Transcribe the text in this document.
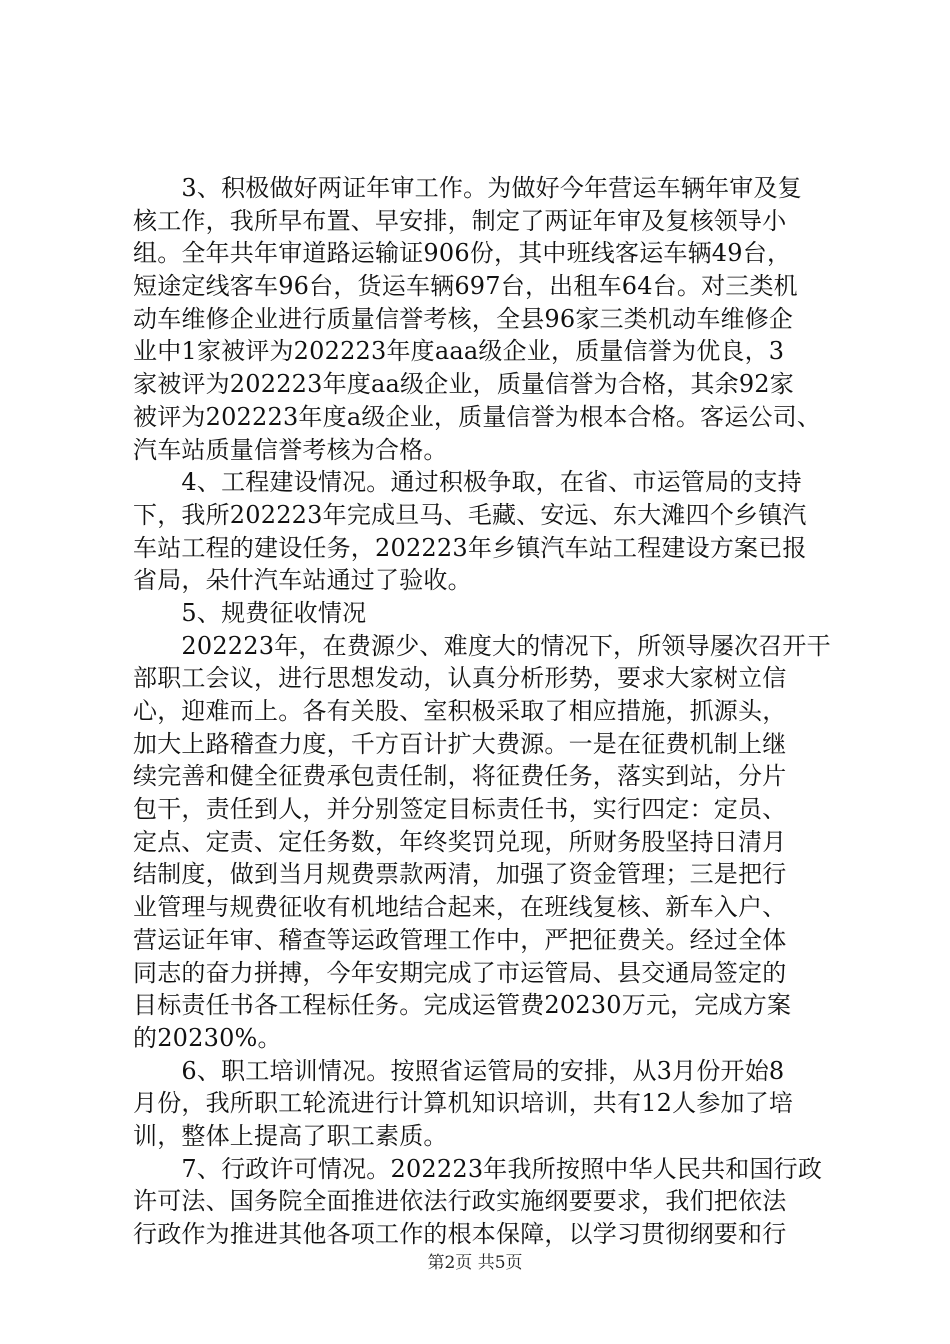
　　3、积极做好两证年审工作。为做好今年营运车辆年审及复
核工作，我所早布置、早安排，制定了两证年审及复核领导小
组。全年共年审道路运输证906份，其中班线客运车辆49台，
短途定线客车96台，货运车辆697台，出租车64台。对三类机
动车维修企业进行质量信誉考核，全县96家三类机动车维修企
业中1家被评为202223年度aaa级企业，质量信誉为优良，3
家被评为202223年度aa级企业，质量信誉为合格，其余92家
被评为202223年度a级企业，质量信誉为根本合格。客运公司、
汽车站质量信誉考核为合格。
　　4、工程建设情况。通过积极争取，在省、市运管局的支持
下，我所202223年完成旦马、毛藏、安远、东大滩四个乡镇汽
车站工程的建设任务，202223年乡镇汽车站工程建设方案已报
省局，朵什汽车站通过了验收。
　　5、规费征收情况
　　202223年，在费源少、难度大的情况下，所领导屡次召开干
部职工会议，进行思想发动，认真分析形势，要求大家树立信
心，迎难而上。各有关股、室积极采取了相应措施，抓源头，
加大上路稽查力度，千方百计扩大费源。一是在征费机制上继
续完善和健全征费承包责任制，将征费任务，落实到站，分片
包干，责任到人，并分别签定目标责任书，实行四定：定员、
定点、定责、定任务数，年终奖罚兑现，所财务股坚持日清月
结制度，做到当月规费票款两清，加强了资金管理；三是把行
业管理与规费征收有机地结合起来，在班线复核、新车入户、
营运证年审、稽查等运政管理工作中，严把征费关。经过全体
同志的奋力拼搏，今年安期完成了市运管局、县交通局签定的
目标责任书各工程标任务。完成运管费20230万元，完成方案
的20230%。
　　6、职工培训情况。按照省运管局的安排，从3月份开始8
月份，我所职工轮流进行计算机知识培训，共有12人参加了培
训，整体上提高了职工素质。
　　7、行政许可情况。202223年我所按照中华人民共和国行政
许可法、国务院全面推进依法行政实施纲要要求，我们把依法
行政作为推进其他各项工作的根本保障，以学习贯彻纲要和行
第2页 共5页
